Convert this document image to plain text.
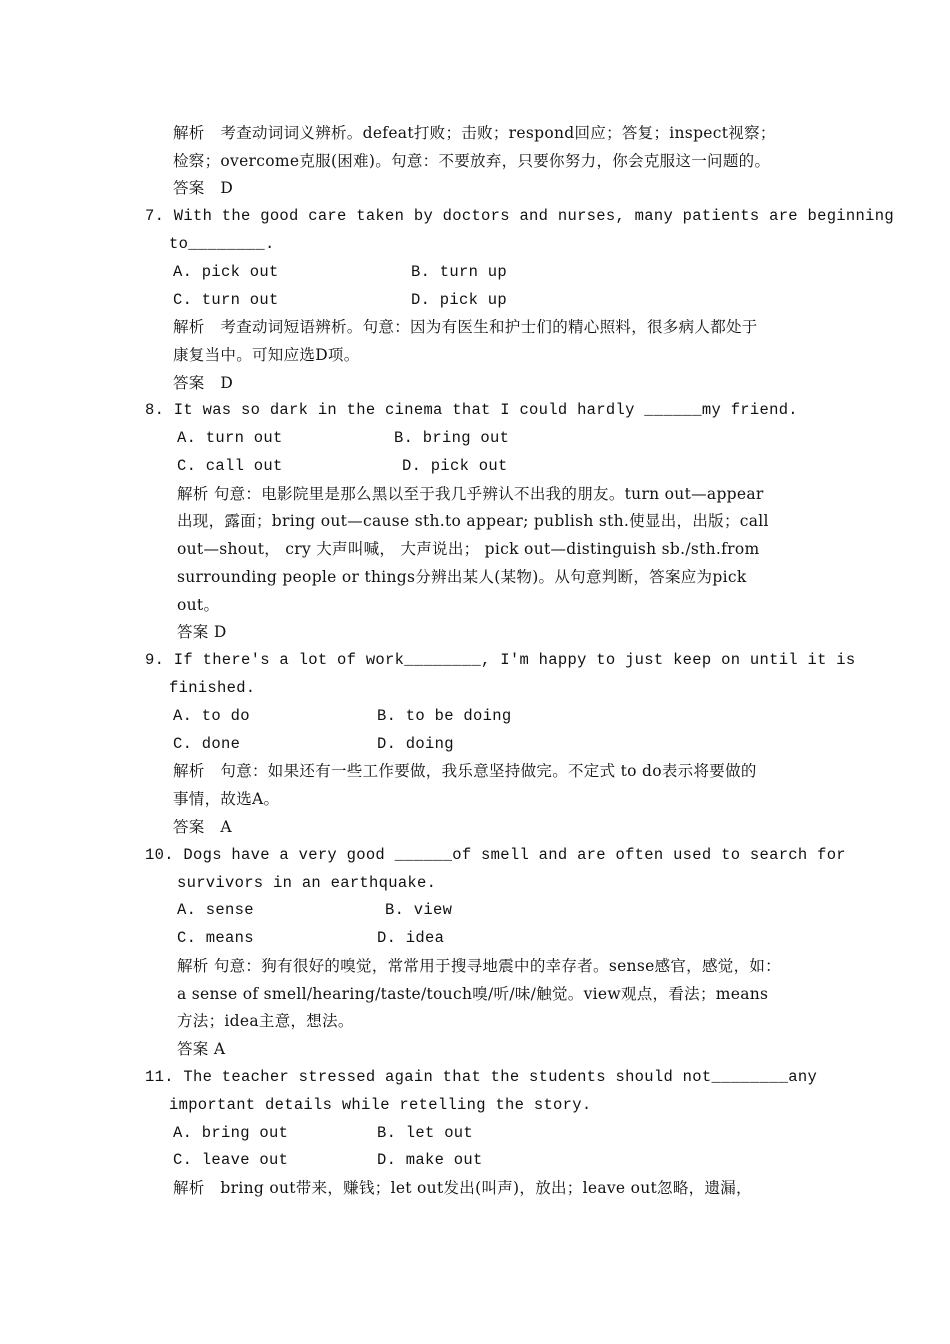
解析　考查动词词义辨析。defeat打败；击败；respond回应；答复；inspect视察；
检察；overcome克服(困难)。句意：不要放弃，只要你努力，你会克服这一问题的。
答案　D
7. With the good care taken by doctors and nurses, many patients are beginning
to________.
A. pick out	B. turn up
C. turn out	D. pick up
解析　考查动词短语辨析。句意：因为有医生和护士们的精心照料，很多病人都处于
康复当中。可知应选D项。
答案　D
8. It was so dark in the cinema that I could hardly ______my friend.
A. turn out	B. bring out
C. call out	D. pick out
解析 句意：电影院里是那么黑以至于我几乎辨认不出我的朋友。turn out—appear
出现，露面；bring out—cause sth.to appear; publish sth.使显出，出版；call
out—shout， cry 大声叫喊， 大声说出； pick out—distinguish sb./sth.from
surrounding people or things分辨出某人(某物)。从句意判断，答案应为pick
out。
答案 D
9. If there's a lot of work________, I'm happy to just keep on until it is
finished.
A. to do	B. to be doing
C. done	D. doing
解析　句意：如果还有一些工作要做，我乐意坚持做完。不定式 to do表示将要做的
事情，故选A。
答案　A
10. Dogs have a very good ______of smell and are often used to search for
survivors in an earthquake.
A. sense	B. view
C. means	D. idea
解析 句意：狗有很好的嗅觉，常常用于搜寻地震中的幸存者。sense感官，感觉，如：
a sense of smell/hearing/taste/touch嗅/听/味/触觉。view观点，看法；means
方法；idea主意，想法。
答案 A
11. The teacher stressed again that the students should not________any
important details while retelling the story.
A. bring out	B. let out
C. leave out	D. make out
解析　bring out带来，赚钱；let out发出(叫声)，放出；leave out忽略，遗漏，
